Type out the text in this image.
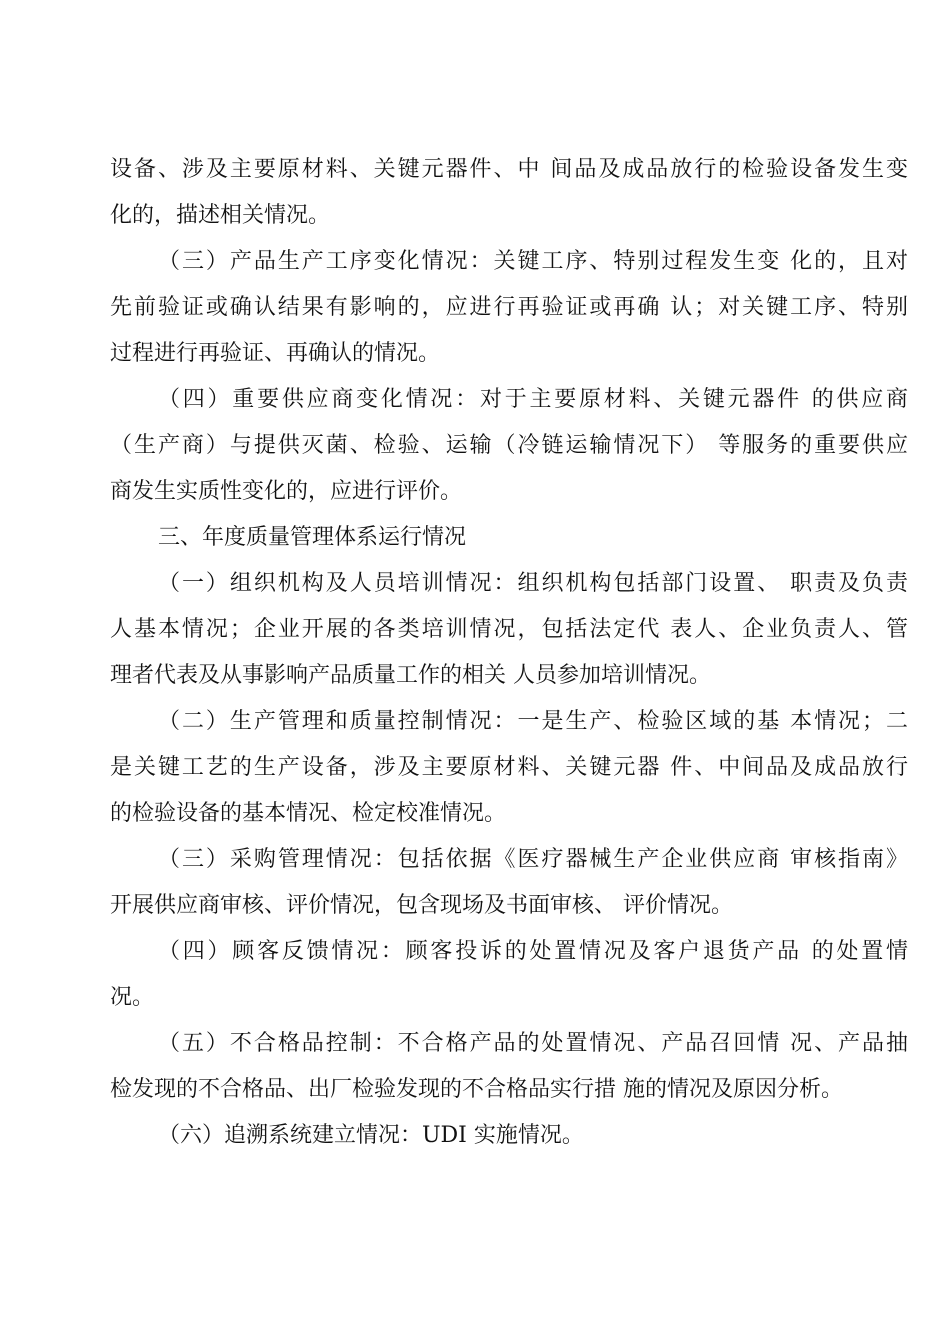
设备、涉及主要原材料、关键元器件、中 间品及成品放行的检验设备发生变
化的，描述相关情况。
（三）产品生产工序变化情况：关键工序、特别过程发生变 化的，且对
先前验证或确认结果有影响的，应进行再验证或再确 认；对关键工序、特别
过程进行再验证、再确认的情况。
（四）重要供应商变化情况：对于主要原材料、关键元器件 的供应商
（生产商）与提供灭菌、检验、运输（冷链运输情况下） 等服务的重要供应
商发生实质性变化的，应进行评价。
三、年度质量管理体系运行情况
（一）组织机构及人员培训情况：组织机构包括部门设置、 职责及负责
人基本情况；企业开展的各类培训情况，包括法定代 表人、企业负责人、管
理者代表及从事影响产品质量工作的相关 人员参加培训情况。
（二）生产管理和质量控制情况：一是生产、检验区域的基 本情况；二
是关键工艺的生产设备，涉及主要原材料、关键元器 件、中间品及成品放行
的检验设备的基本情况、检定校准情况。
（三）采购管理情况：包括依据《医疗器械生产企业供应商 审核指南》
开展供应商审核、评价情况，包含现场及书面审核、 评价情况。
（四）顾客反馈情况：顾客投诉的处置情况及客户退货产品 的处置情
况。
（五）不合格品控制：不合格产品的处置情况、产品召回情 况、产品抽
检发现的不合格品、出厂检验发现的不合格品实行措 施的情况及原因分析。
（六）追溯系统建立情况：UDI 实施情况。
